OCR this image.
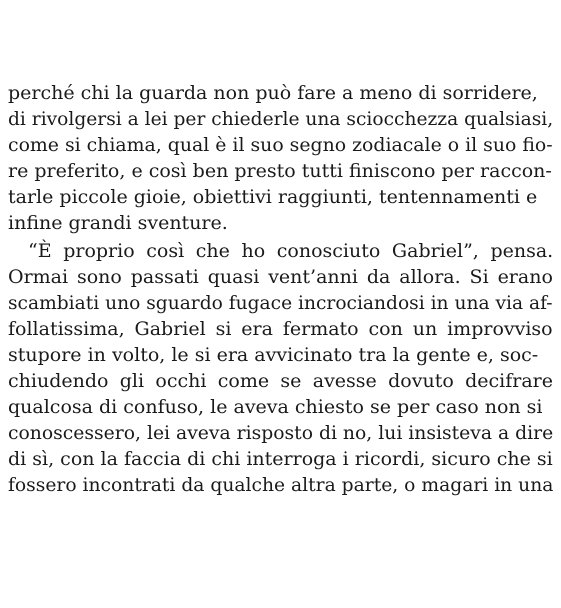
perché chi la guarda non può fare a meno di sorridere,
di rivolgersi a lei per chiederle una sciocchezza qualsiasi,
come si chiama, qual è il suo segno zodiacale o il suo fio-
re preferito, e così ben presto tutti finiscono per raccon-
tarle piccole gioie, obiettivi raggiunti, tentennamenti e
infine grandi sventure.
“È proprio così che ho conosciuto Gabriel”, pensa.
Ormai sono passati quasi vent’anni da allora. Si erano
scambiati uno sguardo fugace incrociandosi in una via af-
follatissima, Gabriel si era fermato con un improvviso
stupore in volto, le si era avvicinato tra la gente e, soc-
chiudendo gli occhi come se avesse dovuto decifrare
qualcosa di confuso, le aveva chiesto se per caso non si
conoscessero, lei aveva risposto di no, lui insisteva a dire
di sì, con la faccia di chi interroga i ricordi, sicuro che si
fossero incontrati da qualche altra parte, o magari in una
